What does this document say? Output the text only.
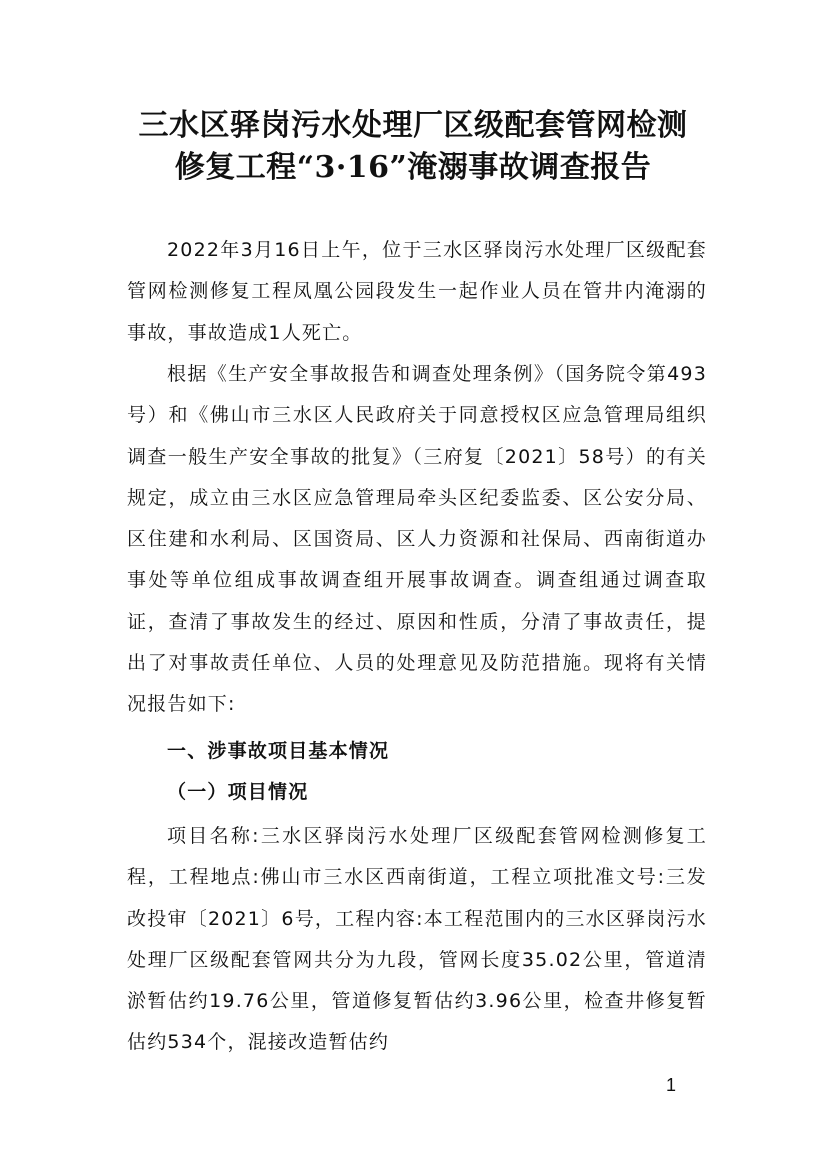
三水区驿岗污水处理厂区级配套管网检测
修复工程“3·16”淹溺事故调查报告

2022年3月16日上午，位于三水区驿岗污水处理厂区级配套管网检测修复工程凤凰公园段发生一起作业人员在管井内淹溺的事故，事故造成1人死亡。

根据《生产安全事故报告和调查处理条例》（国务院令第493号）和《佛山市三水区人民政府关于同意授权区应急管理局组织调查一般生产安全事故的批复》（三府复〔2021〕58号）的有关规定，成立由三水区应急管理局牵头区纪委监委、区公安分局、区住建和水利局、区国资局、区人力资源和社保局、西南街道办事处等单位组成事故调查组开展事故调查。调查组通过调查取证，查清了事故发生的经过、原因和性质，分清了事故责任，提出了对事故责任单位、人员的处理意见及防范措施。现将有关情况报告如下:

一、涉事故项目基本情况
（一）项目情况

项目名称:三水区驿岗污水处理厂区级配套管网检测修复工程，工程地点:佛山市三水区西南街道，工程立项批准文号:三发改投审〔2021〕6号，工程内容:本工程范围内的三水区驿岗污水处理厂区级配套管网共分为九段，管网长度35.02公里，管道清淤暂估约19.76公里，管道修复暂估约3.96公里，检查井修复暂估约534个，混接改造暂估约

1
